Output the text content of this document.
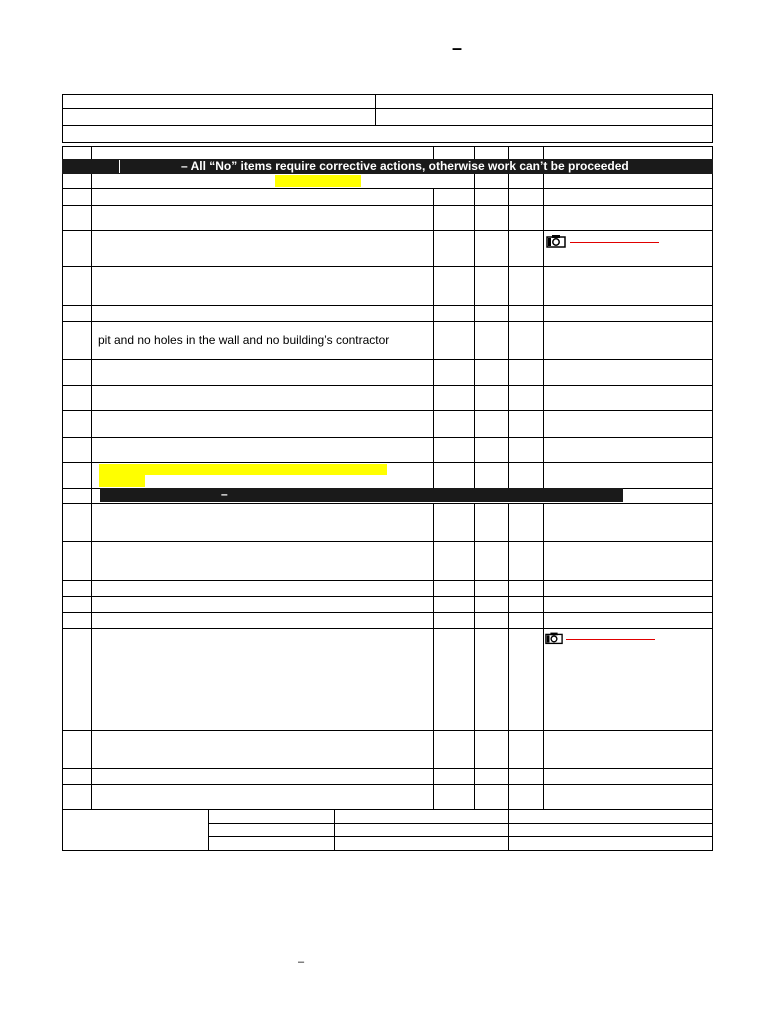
–
– All “No” items require corrective actions, otherwise work can’t be proceeded
pit and no holes in the wall and no building’s contractor
–
–
